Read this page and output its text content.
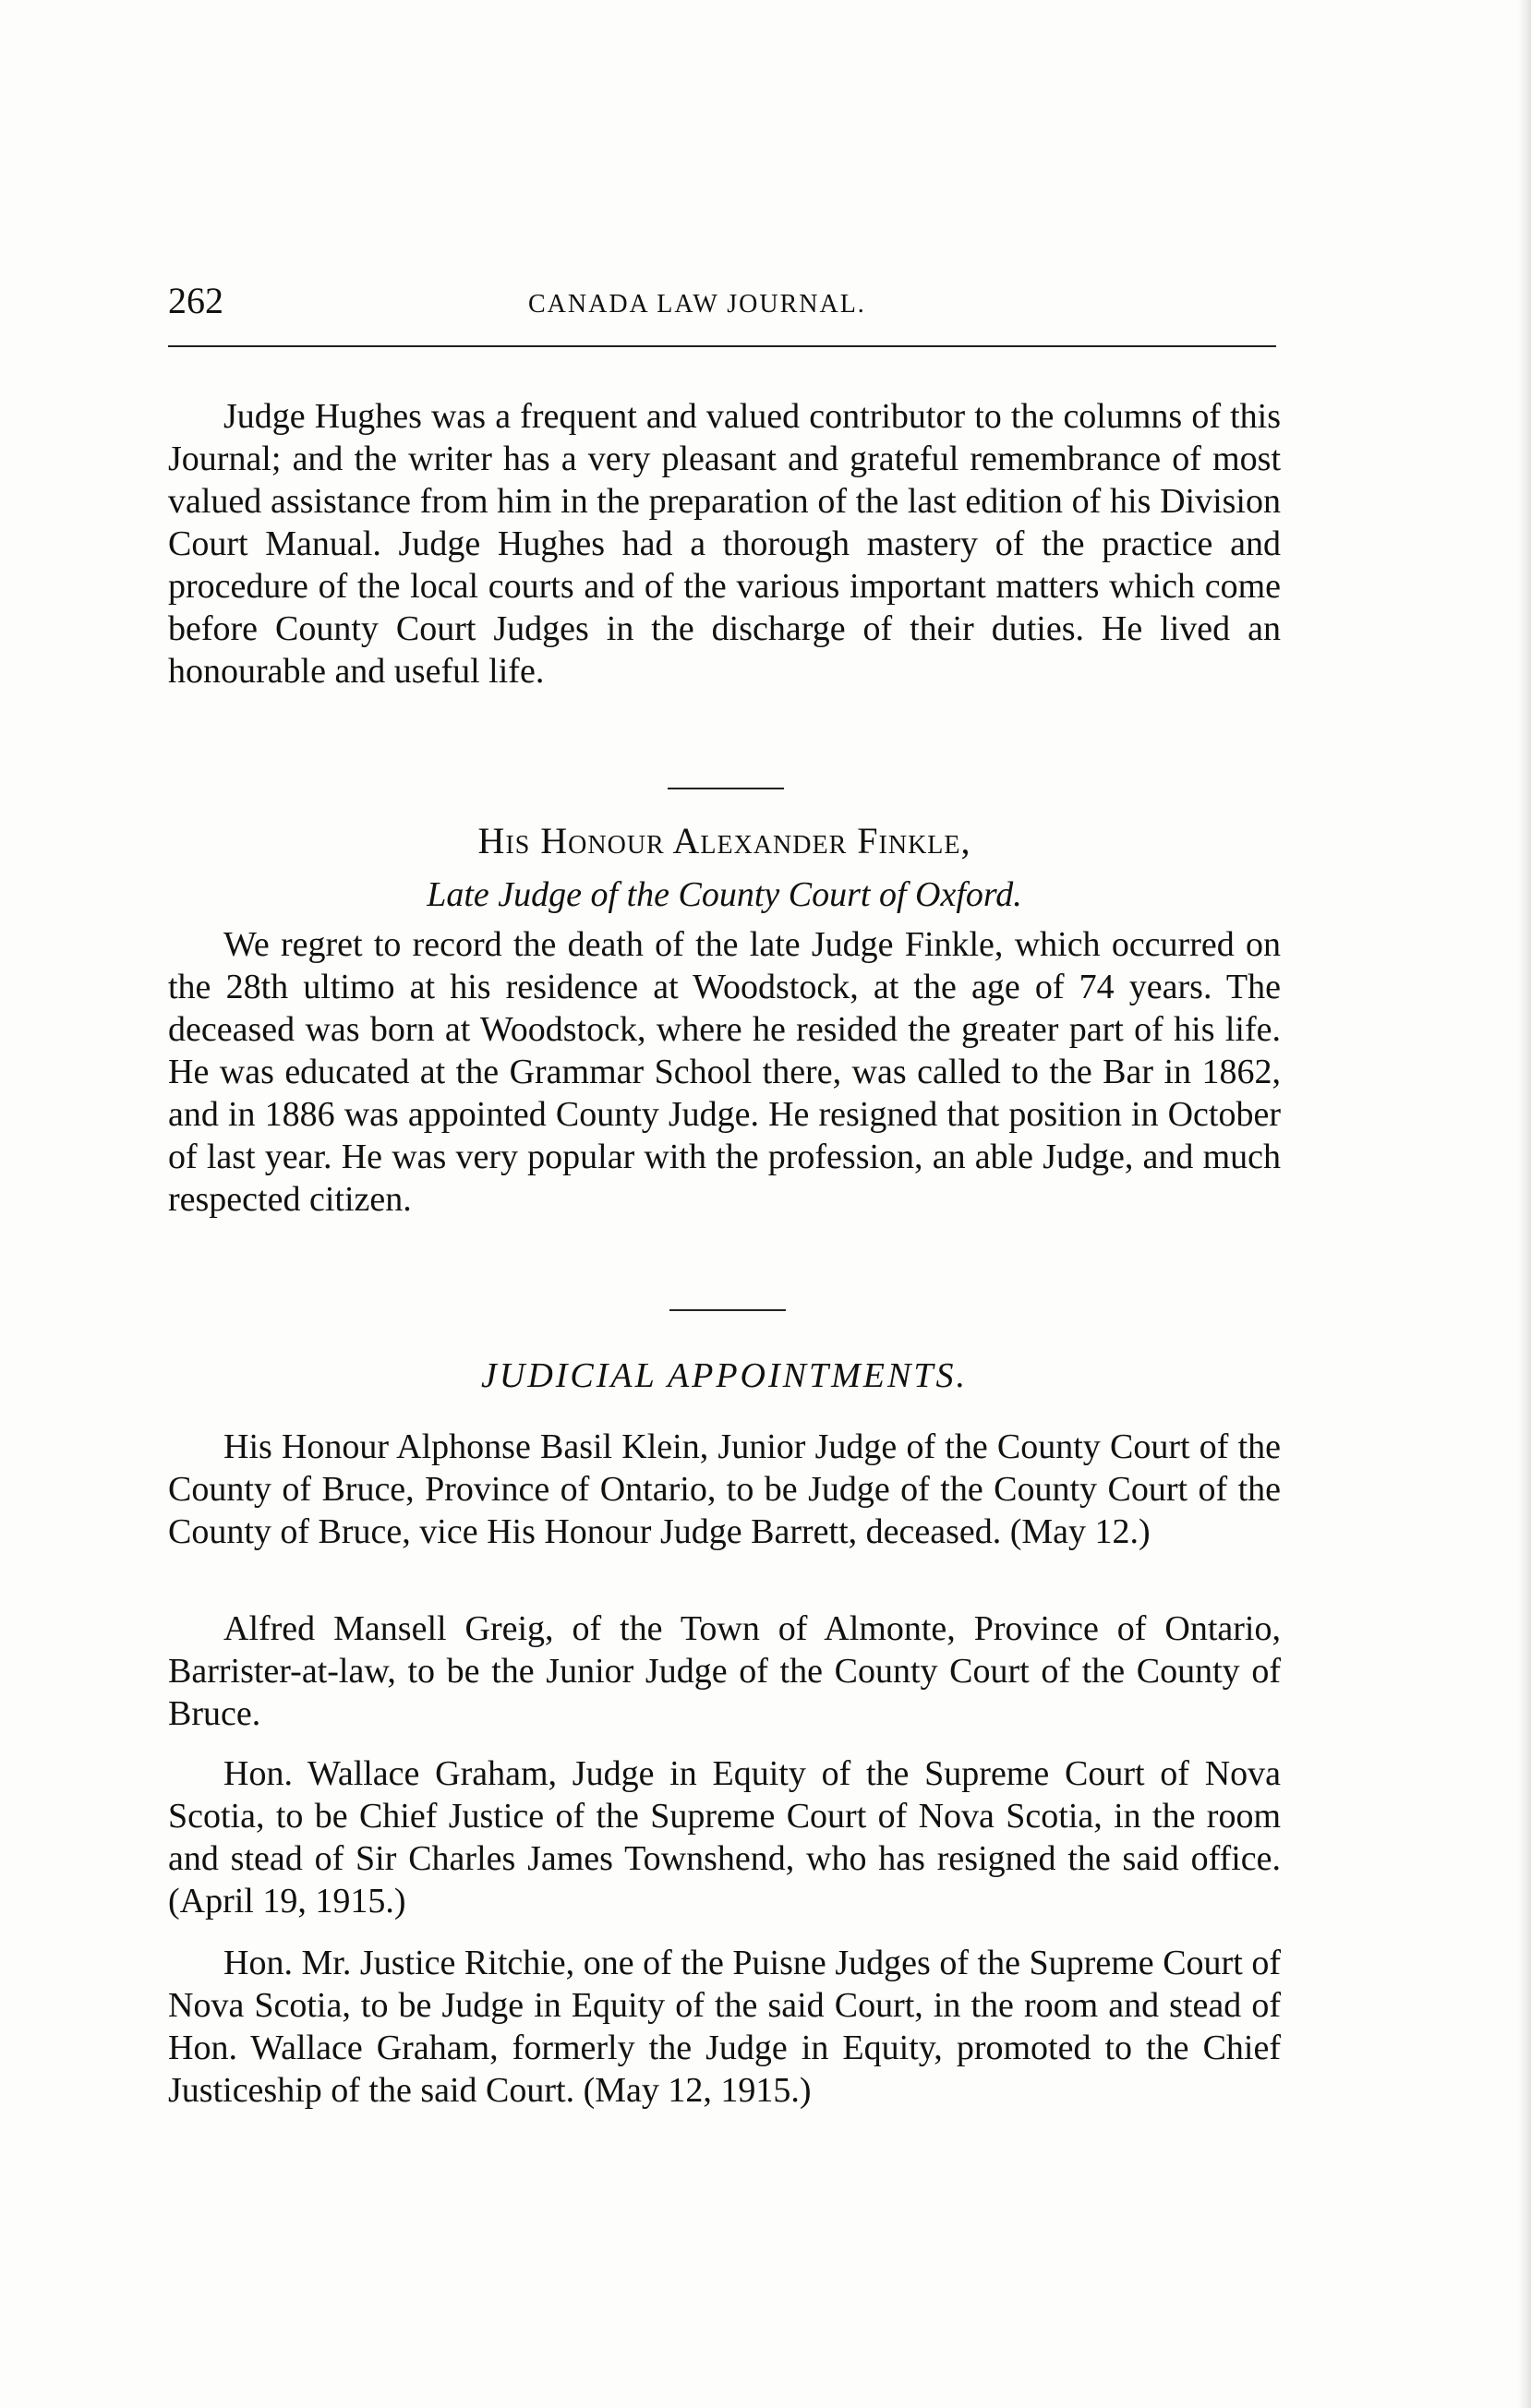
262	CANADA LAW JOURNAL.

Judge Hughes was a frequent and valued contributor to the columns of this Journal; and the writer has a very pleasant and grateful remembrance of most valued assistance from him in the preparation of the last edition of his Division Court Manual. Judge Hughes had a thorough mastery of the practice and procedure of the local courts and of the various important matters which come before County Court Judges in the discharge of their duties. He lived an honourable and useful life.

His Honour Alexander Finkle,

Late Judge of the County Court of Oxford.

We regret to record the death of the late Judge Finkle, which occurred on the 28th ultimo at his residence at Woodstock, at the age of 74 years. The deceased was born at Woodstock, where he resided the greater part of his life. He was educated at the Grammar School there, was called to the Bar in 1862, and in 1886 was appointed County Judge. He resigned that position in October of last year. He was very popular with the profession, an able Judge, and much respected citizen.

JUDICIAL APPOINTMENTS.

His Honour Alphonse Basil Klein, Junior Judge of the County Court of the County of Bruce, Province of Ontario, to be Judge of the County Court of the County of Bruce, vice His Honour Judge Barrett, deceased. (May 12.)

Alfred Mansell Greig, of the Town of Almonte, Province of Ontario, Barrister-at-law, to be the Junior Judge of the County Court of the County of Bruce.

Hon. Wallace Graham, Judge in Equity of the Supreme Court of Nova Scotia, to be Chief Justice of the Supreme Court of Nova Scotia, in the room and stead of Sir Charles James Townshend, who has resigned the said office. (April 19, 1915.)

Hon. Mr. Justice Ritchie, one of the Puisne Judges of the Supreme Court of Nova Scotia, to be Judge in Equity of the said Court, in the room and stead of Hon. Wallace Graham, formerly the Judge in Equity, promoted to the Chief Justiceship of the said Court. (May 12, 1915.)
